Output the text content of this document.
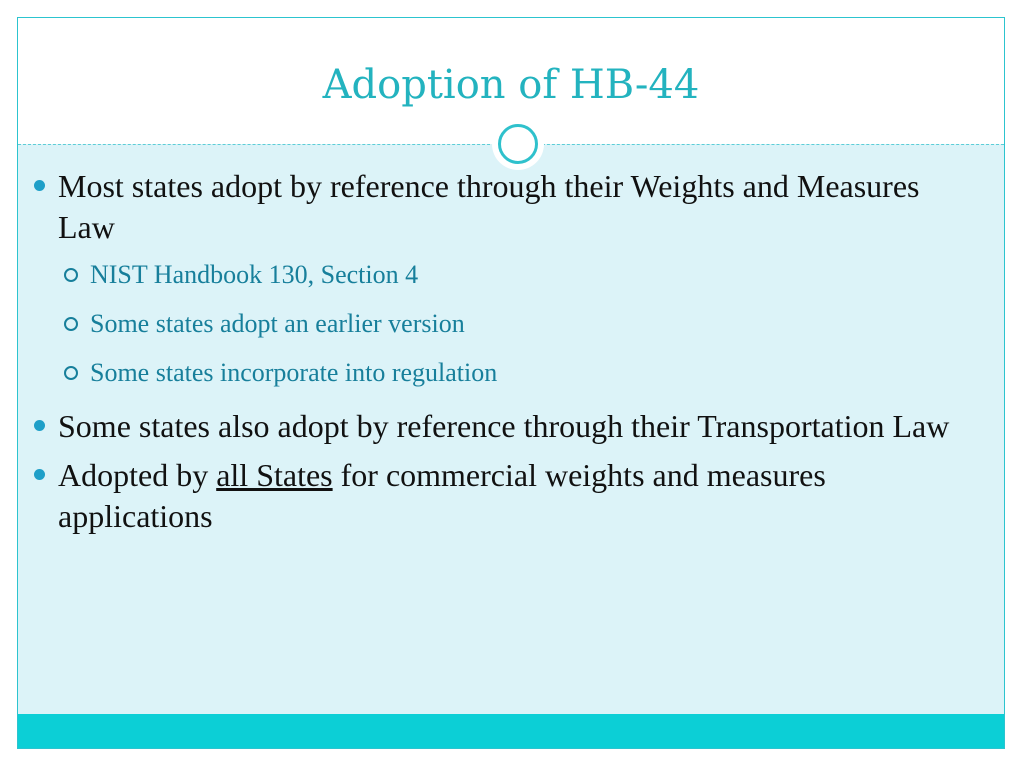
Adoption of HB-44
Most states adopt by reference through their Weights and Measures Law
NIST Handbook 130, Section 4
Some states adopt an earlier version
Some states incorporate into regulation
Some states also adopt by reference through their Transportation Law
Adopted by all States for commercial weights and measures applications
